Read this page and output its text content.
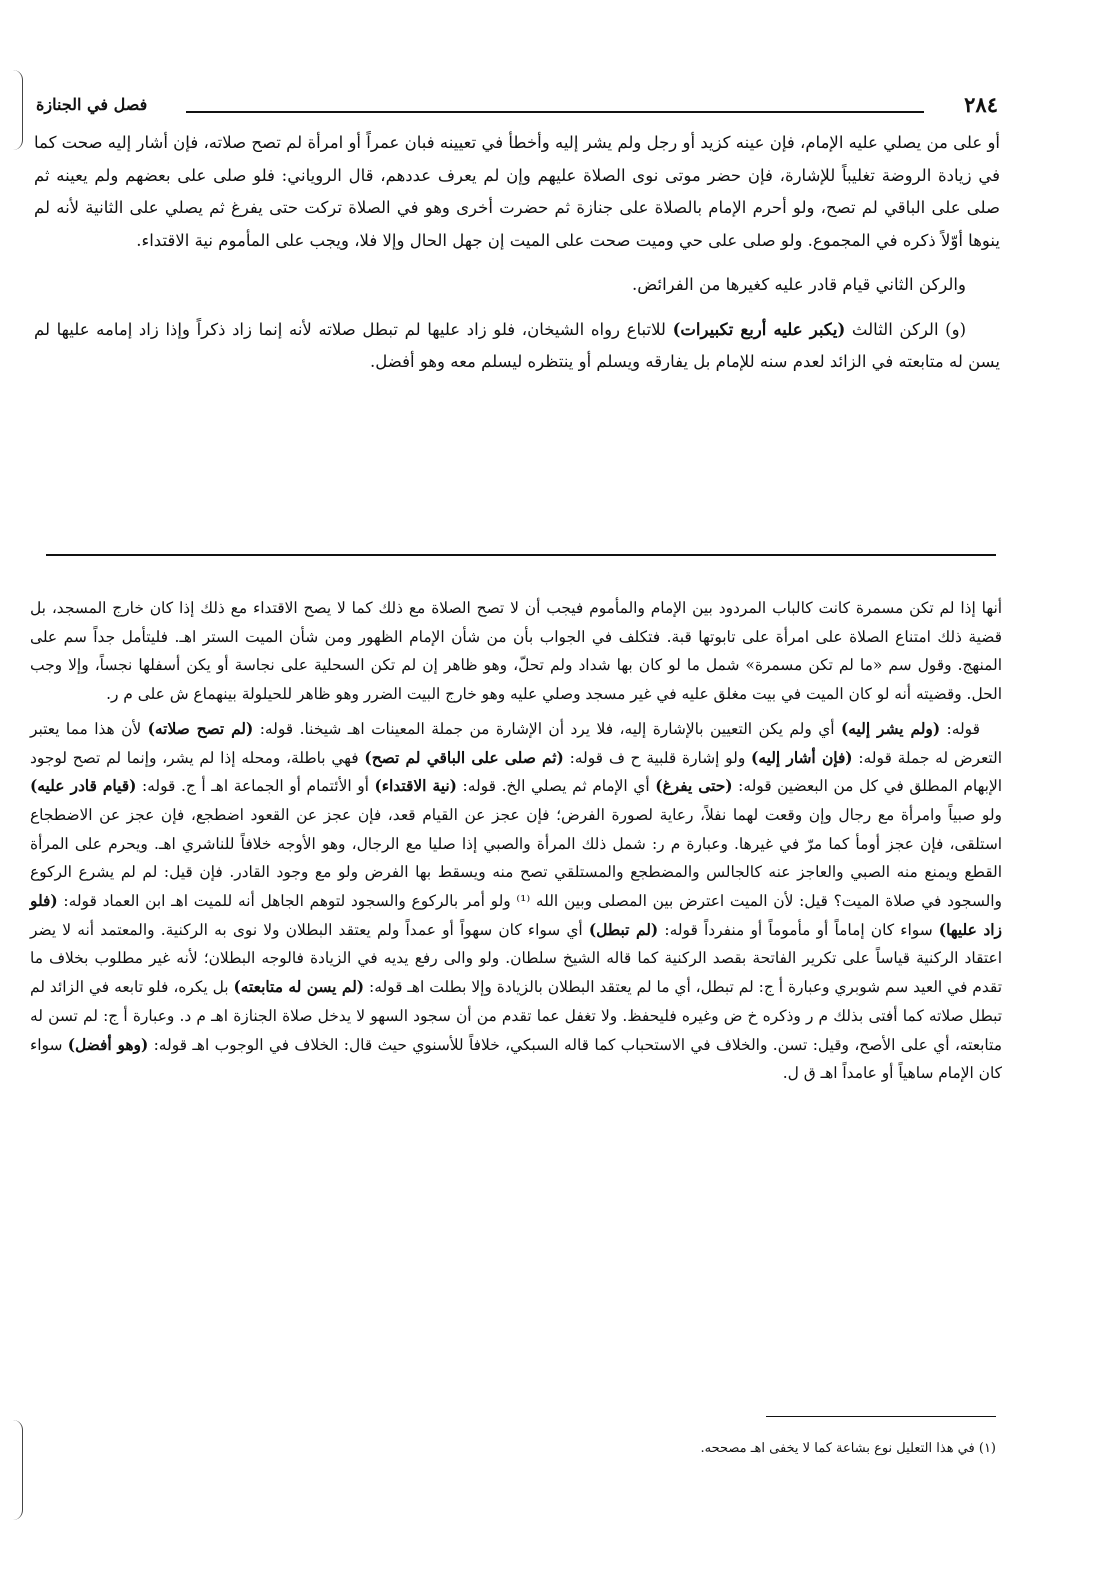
٢٨٤
فصل في الجنازة

أو على من يصلي عليه الإمام، فإن عينه كزيد أو رجل ولم يشر إليه وأخطأ في تعيينه فبان عمراً أو امرأة لم تصح صلاته، فإن أشار إليه صحت كما في زيادة الروضة تغليباً للإشارة، فإن حضر موتى نوى الصلاة عليهم وإن لم يعرف عددهم، قال الروياني: فلو صلى على بعضهم ولم يعينه ثم صلى على الباقي لم تصح، ولو أحرم الإمام بالصلاة على جنازة ثم حضرت أخرى وهو في الصلاة تركت حتى يفرغ ثم يصلي على الثانية لأنه لم ينوها أوّلاً ذكره في المجموع. ولو صلى على حي وميت صحت على الميت إن جهل الحال وإلا فلا، ويجب على المأموم نية الاقتداء.

والركن الثاني قيام قادر عليه كغيرها من الفرائض.

(و) الركن الثالث (يكبر عليه أربع تكبيرات) للاتباع رواه الشيخان، فلو زاد عليها لم تبطل صلاته لأنه إنما زاد ذكراً وإذا زاد إمامه عليها لم يسن له متابعته في الزائد لعدم سنه للإمام بل يفارقه ويسلم أو ينتظره ليسلم معه وهو أفضل.

أنها إذا لم تكن مسمرة كانت كالباب المردود بين الإمام والمأموم فيجب أن لا تصح الصلاة مع ذلك كما لا يصح الاقتداء مع ذلك إذا كان خارج المسجد، بل قضية ذلك امتناع الصلاة على امرأة على تابوتها قبة. فتكلف في الجواب بأن من شأن الإمام الظهور ومن شأن الميت الستر اهـ. فليتأمل جداً سم على المنهج. وقول سم «ما لم تكن مسمرة» شمل ما لو كان بها شداد ولم تحلّ، وهو ظاهر إن لم تكن السحلية على نجاسة أو يكن أسفلها نجساً، وإلا وجب الحل. وقضيته أنه لو كان الميت في بيت مغلق عليه في غير مسجد وصلي عليه وهو خارج البيت الضرر وهو ظاهر للحيلولة بينهماع ش على م ر.

قوله: (ولم يشر إليه) أي ولم يكن التعيين بالإشارة إليه، فلا يرد أن الإشارة من جملة المعينات اهـ شيخنا. قوله: (لم تصح صلاته) لأن هذا مما يعتبر التعرض له جملة قوله: (فإن أشار إليه) ولو إشارة قلبية ح ف قوله: (ثم صلى على الباقي لم تصح) فهي باطلة، ومحله إذا لم يشر، وإنما لم تصح لوجود الإبهام المطلق في كل من البعضين قوله: (حتى يفرغ) أي الإمام ثم يصلي الخ. قوله: (نية الاقتداء) أو الأئتمام أو الجماعة اهـ أ ج. قوله: (قيام قادر عليه) ولو صبياً وامرأة مع رجال وإن وقعت لهما نفلاً، رعاية لصورة الفرض؛ فإن عجز عن القيام قعد، فإن عجز عن القعود اضطجع، فإن عجز عن الاضطجاع استلقى، فإن عجز أومأ كما مرّ في غيرها. وعبارة م ر: شمل ذلك المرأة والصبي إذا صليا مع الرجال، وهو الأوجه خلافاً للناشري اهـ. ويحرم على المرأة القطع ويمنع منه الصبي والعاجز عنه كالجالس والمضطجع والمستلقي تصح منه ويسقط بها الفرض ولو مع وجود القادر. فإن قيل: لم لم يشرع الركوع والسجود في صلاة الميت؟ قيل: لأن الميت اعترض بين المصلى وبين الله ⁽¹⁾ ولو أمر بالركوع والسجود لتوهم الجاهل أنه للميت اهـ ابن العماد قوله: (فلو زاد عليها) سواء كان إماماً أو مأموماً أو منفرداً قوله: (لم تبطل) أي سواء كان سهواً أو عمداً ولم يعتقد البطلان ولا نوى به الركنية. والمعتمد أنه لا يضر اعتقاد الركنية قياساً على تكرير الفاتحة بقصد الركنية كما قاله الشيخ سلطان. ولو والى رفع يديه في الزيادة فالوجه البطلان؛ لأنه غير مطلوب بخلاف ما تقدم في العيد سم شوبري وعبارة أ ج: لم تبطل، أي ما لم يعتقد البطلان بالزيادة وإلا بطلت اهـ قوله: (لم يسن له متابعته) بل يكره، فلو تابعه في الزائد لم تبطل صلاته كما أفتى بذلك م ر وذكره خ ض وغيره فليحفظ. ولا تغفل عما تقدم من أن سجود السهو لا يدخل صلاة الجنازة اهـ م د. وعبارة أ ج: لم تسن له متابعته، أي على الأصح، وقيل: تسن. والخلاف في الاستحباب كما قاله السبكي، خلافاً للأسنوي حيث قال: الخلاف في الوجوب اهـ قوله: (وهو أفضل) سواء كان الإمام ساهياً أو عامداً اهـ ق ل.

(١) في هذا التعليل نوع بشاعة كما لا يخفى اهـ مصححه.
